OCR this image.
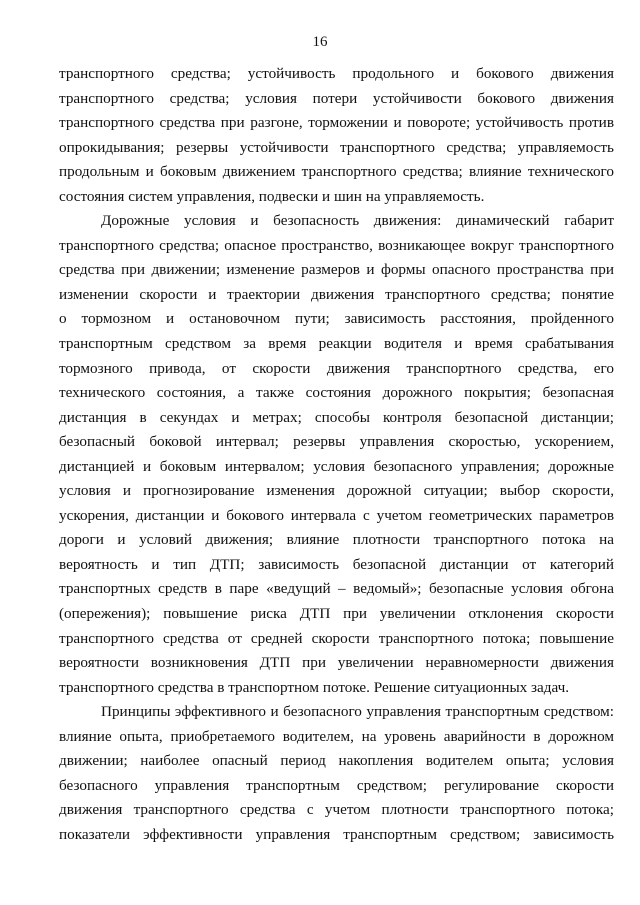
16
транспортного средства; устойчивость продольного и бокового движения
транспортного средства; условия потери устойчивости бокового движения
транспортного средства при разгоне, торможении и повороте; устойчивость против
опрокидывания; резервы устойчивости транспортного средства; управляемость
продольным и боковым движением транспортного средства; влияние технического
состояния систем управления, подвески и шин на управляемость.
Дорожные условия и безопасность движения: динамический габарит
транспортного средства; опасное пространство, возникающее вокруг транспортного
средства при движении; изменение размеров и формы опасного пространства при
изменении скорости и траектории движения транспортного средства; понятие
о тормозном и остановочном пути; зависимость расстояния, пройденного
транспортным средством за время реакции водителя и время срабатывания
тормозного привода, от скорости движения транспортного средства, его
технического состояния, а также состояния дорожного покрытия; безопасная
дистанция в секундах и метрах; способы контроля безопасной дистанции;
безопасный боковой интервал; резервы управления скоростью, ускорением,
дистанцией и боковым интервалом; условия безопасного управления; дорожные
условия и прогнозирование изменения дорожной ситуации; выбор скорости,
ускорения, дистанции и бокового интервала с учетом геометрических параметров
дороги и условий движения; влияние плотности транспортного потока на
вероятность и тип ДТП; зависимость безопасной дистанции от категорий
транспортных средств в паре «ведущий – ведомый»; безопасные условия обгона
(опережения); повышение риска ДТП при увеличении отклонения скорости
транспортного средства от средней скорости транспортного потока; повышение
вероятности возникновения ДТП при увеличении неравномерности движения
транспортного средства в транспортном потоке. Решение ситуационных задач.
Принципы эффективного и безопасного управления транспортным средством:
влияние опыта, приобретаемого водителем, на уровень аварийности в дорожном
движении; наиболее опасный период накопления водителем опыта; условия
безопасного управления транспортным средством; регулирование скорости
движения транспортного средства с учетом плотности транспортного потока;
показатели эффективности управления транспортным средством; зависимость
